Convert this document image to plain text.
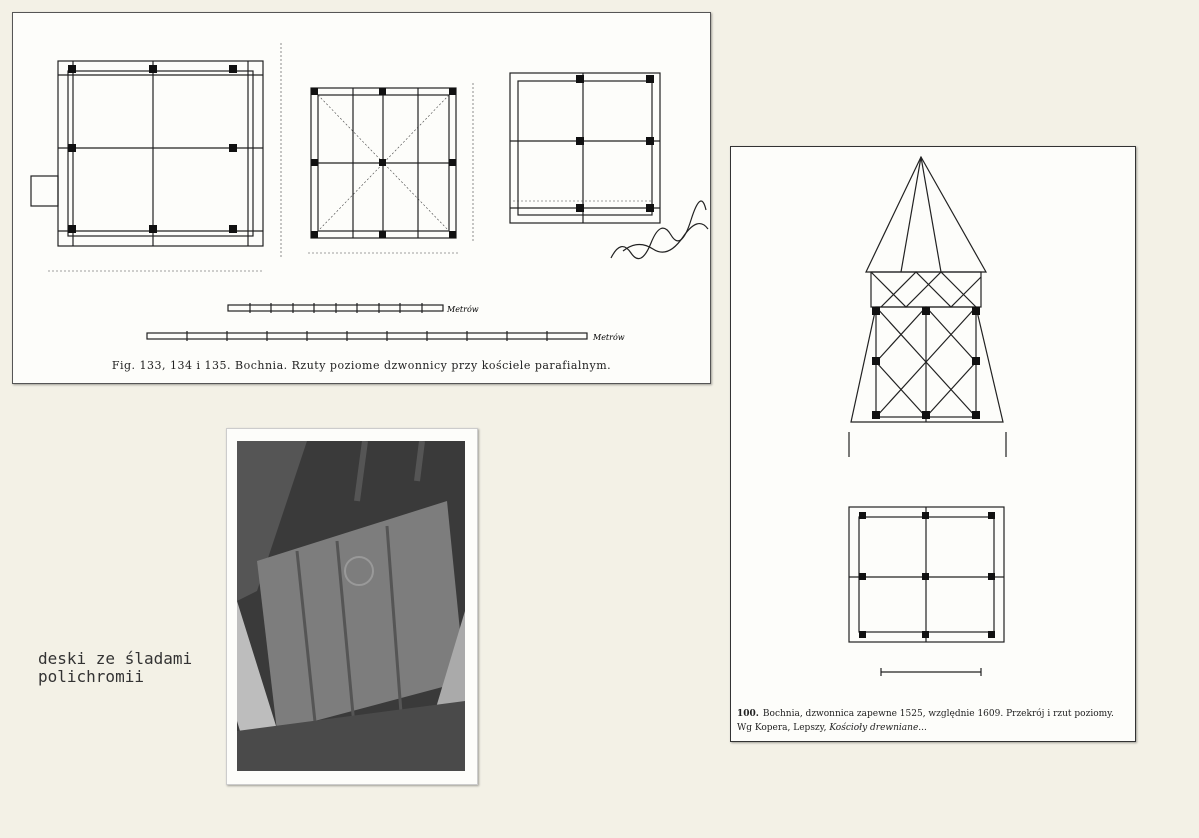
Metrów
Metrów
Fig. 133, 134 i 135. Bochnia. Rzuty poziome dzwonnicy przy kościele parafialnym.
100. Bochnia, dzwonnica zapewne 1525, względnie 1609. Przekrój i rzut poziomy. Wg Kopera, Lepszy, Kościoły drewniane...
deski ze śladami
polichromii
